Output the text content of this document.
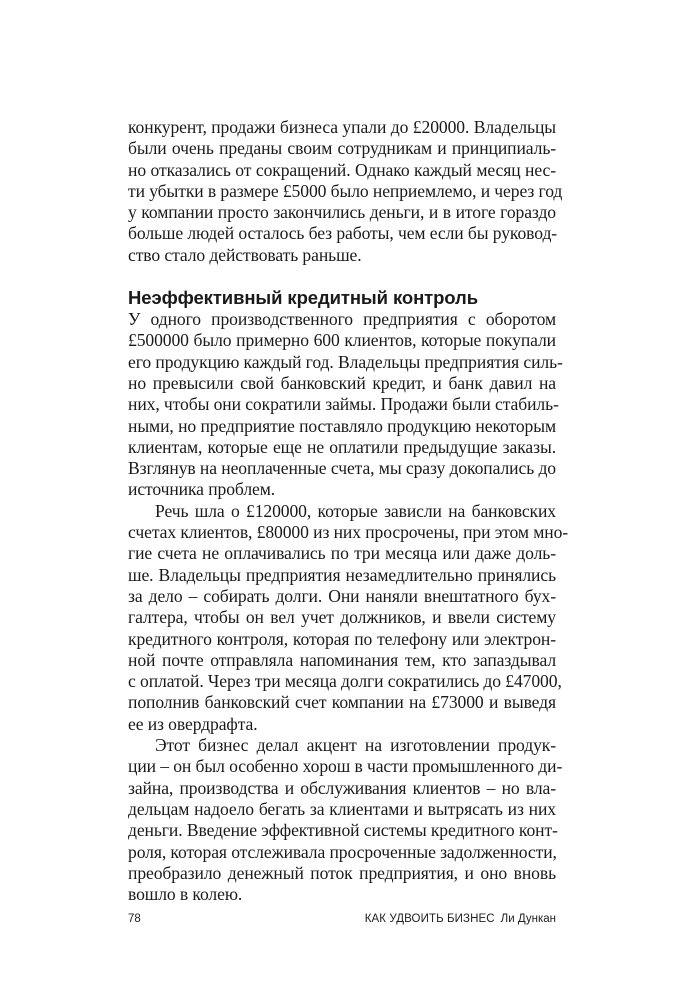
конкурент, продажи бизнеса упали до £20000. Владельцы
были очень преданы своим сотрудникам и принципиаль-
но отказались от сокращений. Однако каждый месяц нес-
ти убытки в размере £5000 было неприемлемо, и через год
у компании просто закончились деньги, и в итоге гораздо
больше людей осталось без работы, чем если бы руковод-
ство стало действовать раньше.
Неэффективный кредитный контроль
У одного производственного предприятия с оборотом
£500000 было примерно 600 клиентов, которые покупали
его продукцию каждый год. Владельцы предприятия силь-
но превысили свой банковский кредит, и банк давил на
них, чтобы они сократили займы. Продажи были стабиль-
ными, но предприятие поставляло продукцию некоторым
клиентам, которые еще не оплатили предыдущие заказы.
Взглянув на неоплаченные счета, мы сразу докопались до
источника проблем.
Речь шла о £120000, которые зависли на банковских
счетах клиентов, £80000 из них просрочены, при этом мно-
гие счета не оплачивались по три месяца или даже доль-
ше. Владельцы предприятия незамедлительно принялись
за дело – собирать долги. Они наняли внештатного бух-
галтера, чтобы он вел учет должников, и ввели систему
кредитного контроля, которая по телефону или электрон-
ной почте отправляла напоминания тем, кто запаздывал
с оплатой. Через три месяца долги сократились до £47000,
пополнив банковский счет компании на £73000 и выведя
ее из овердрафта.
Этот бизнес делал акцент на изготовлении продук-
ции – он был особенно хорош в части промышленного ди-
зайна, производства и обслуживания клиентов – но вла-
дельцам надоело бегать за клиентами и вытрясать из них
деньги. Введение эффективной системы кредитного конт-
роля, которая отслеживала просроченные задолженности,
преобразило денежный поток предприятия, и оно вновь
вошло в колею.
78	КАК УДВОИТЬ БИЗНЕС Ли Дункан
